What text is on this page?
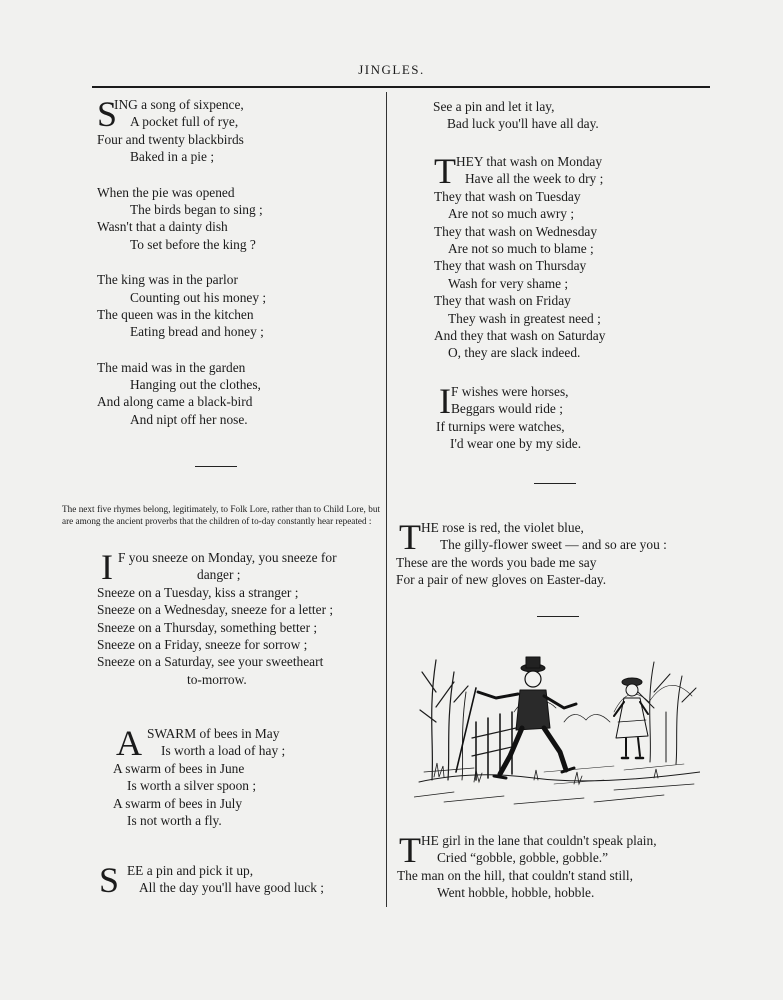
JINGLES.
S
ING a song of sixpence,
A pocket full of rye,
Four and twenty blackbirds
Baked in a pie ;
When the pie was opened
The birds began to sing ;
Wasn't that a dainty dish
To set before the king ?
The king was in the parlor
Counting out his money ;
The queen was in the kitchen
Eating bread and honey ;
The maid was in the garden
Hanging out the clothes,
And along came a black-bird
And nipt off her nose.
The next five rhymes belong, legitimately, to Folk Lore, rather than to Child Lore, but are among the ancient proverbs that the children of to-day constantly hear repeated :
I F you sneeze on Monday, you sneeze for
danger ;
Sneeze on a Tuesday, kiss a stranger ;
Sneeze on a Wednesday, sneeze for a letter ;
Sneeze on a Thursday, something better ;
Sneeze on a Friday, sneeze for sorrow ;
Sneeze on a Saturday, see your sweetheart
to-morrow.
A SWARM of bees in May
Is worth a load of hay ;
A swarm of bees in June
Is worth a silver spoon ;
A swarm of bees in July
Is not worth a fly.
S EE a pin and pick it up,
All the day you'll have good luck ;
See a pin and let it lay,
Bad luck you'll have all day.
T HEY that wash on Monday
Have all the week to dry ;
They that wash on Tuesday
Are not so much awry ;
They that wash on Wednesday
Are not so much to blame ;
They that wash on Thursday
Wash for very shame ;
They that wash on Friday
They wash in greatest need ;
And they that wash on Saturday
O, they are slack indeed.
I F wishes were horses,
Beggars would ride ;
If turnips were watches,
I'd wear one by my side.
T HE rose is red, the violet blue,
The gilly-flower sweet — and so are you :
These are the words you bade me say
For a pair of new gloves on Easter-day.
T HE girl in the lane that couldn't speak plain,
Cried “gobble, gobble, gobble.”
The man on the hill, that couldn't stand still,
Went hobble, hobble, hobble.
